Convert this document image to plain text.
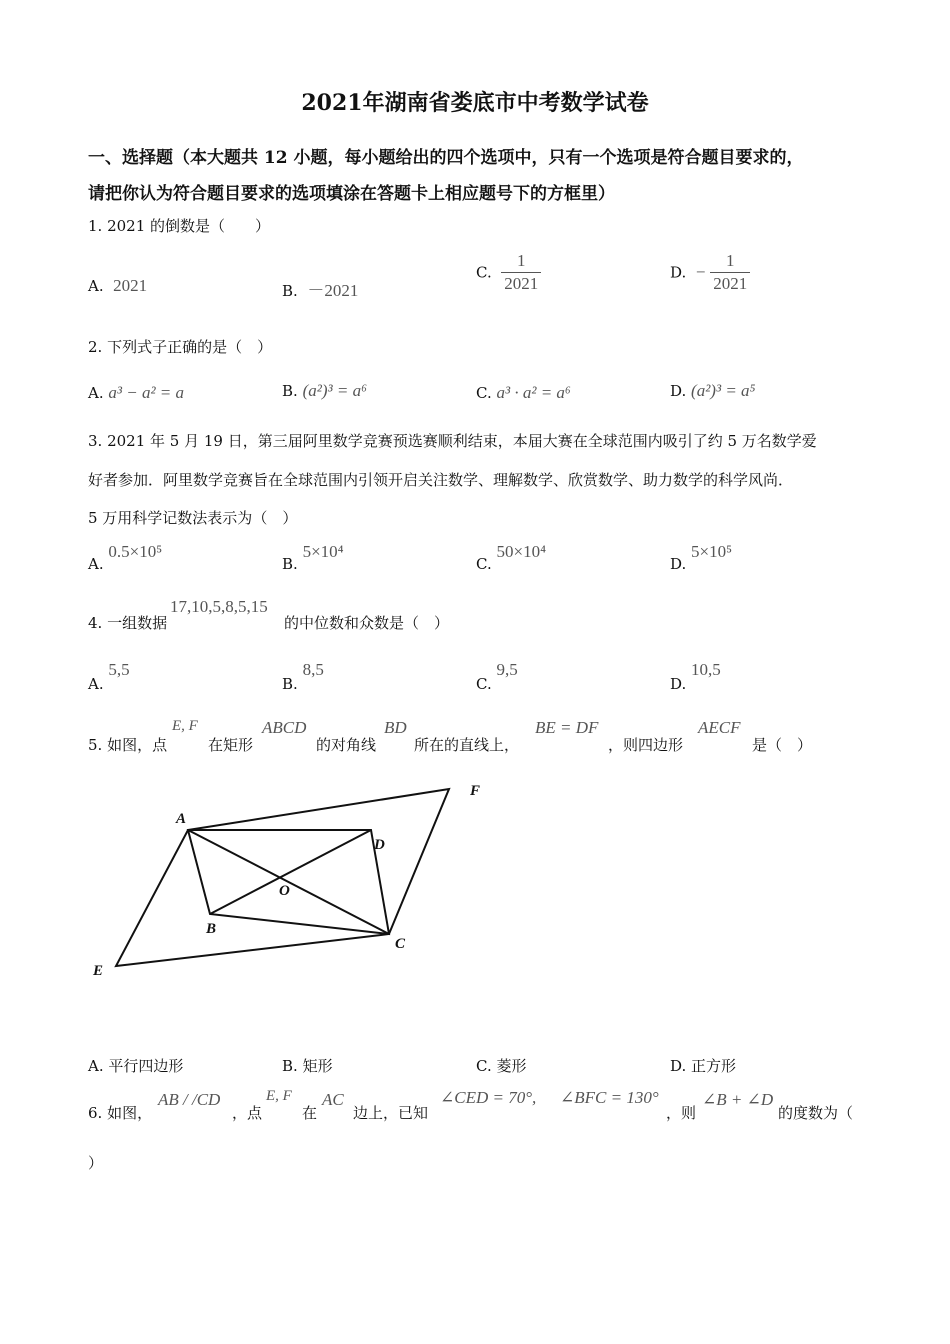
2021年湖南省娄底市中考数学试卷
一、选择题（本大题共 12 小题，每小题给出的四个选项中，只有一个选项是符合题目要求的，
请把你认为符合题目要求的选项填涂在答题卡上相应题号下的方框里）
1. 2021 的倒数是（　　）
A. 2021	B. －2021
C. $\frac{1}{2021}$	D. − $\frac{1}{2021}$
2. 下列式子正确的是（　）
A. a³ − a² = a	B. (a²)³ = a⁶	C. a³ · a² = a⁶	D. (a²)³ = a⁵
3. 2021 年 5 月 19 日，第三届阿里数学竞赛预选赛顺利结束，本届大赛在全球范围内吸引了约 5 万名数学爱
好者参加．阿里数学竞赛旨在全球范围内引领开启关注数学、理解数学、欣赏数学、助力数学的科学风尚．
5 万用科学记数法表示为（　）
A. 0.5×10⁵
B. 5×10⁴
C. 50×10⁴
D. 5×10⁵
4. 一组数据
17,10,5,8,5,15
的中位数和众数是（　）
A. 5,5
B. 8,5
C. 9,5
D. 10,5
5. 如图，点
E, F
在矩形
ABCD
的对角线
BD
所在的直线上，
BE = DF
，则四边形
AECF
是（　）
A
B
C
D
E
F
O
A. 平行四边形	B. 矩形	C. 菱形	D. 正方形
6. 如图，
AB / /CD
，点
E, F
在
AC
边上，已知
∠CED = 70°, ∠BFC = 130°
，则
∠B + ∠D
的度数为（
）
